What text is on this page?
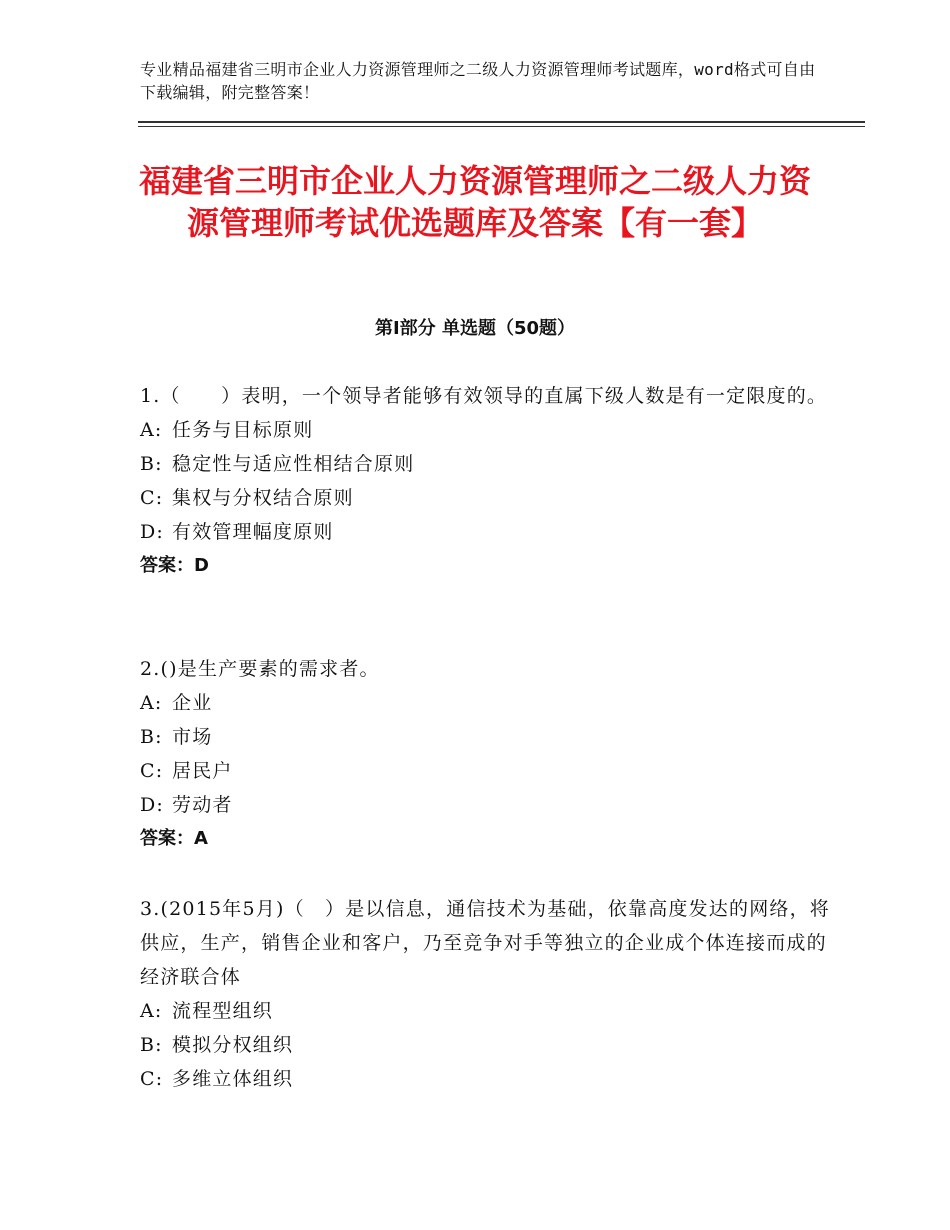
专业精品福建省三明市企业人力资源管理师之二级人力资源管理师考试题库，word格式可自由下载编辑，附完整答案！
福建省三明市企业人力资源管理师之二级人力资源管理师考试优选题库及答案【有一套】
第Ⅰ部分 单选题（50题）

1.（　　）表明，一个领导者能够有效领导的直属下级人数是有一定限度的。

A: 任务与目标原则

B: 稳定性与适应性相结合原则

C: 集权与分权结合原则

D: 有效管理幅度原则

答案：D

2.()是生产要素的需求者。

A: 企业

B: 市场

C: 居民户

D: 劳动者

答案：A

3.(2015年5月)（　）是以信息，通信技术为基础，依靠高度发达的网络，将供应，生产，销售企业和客户，乃至竞争对手等独立的企业成个体连接而成的经济联合体

A: 流程型组织

B: 模拟分权组织

C: 多维立体组织
